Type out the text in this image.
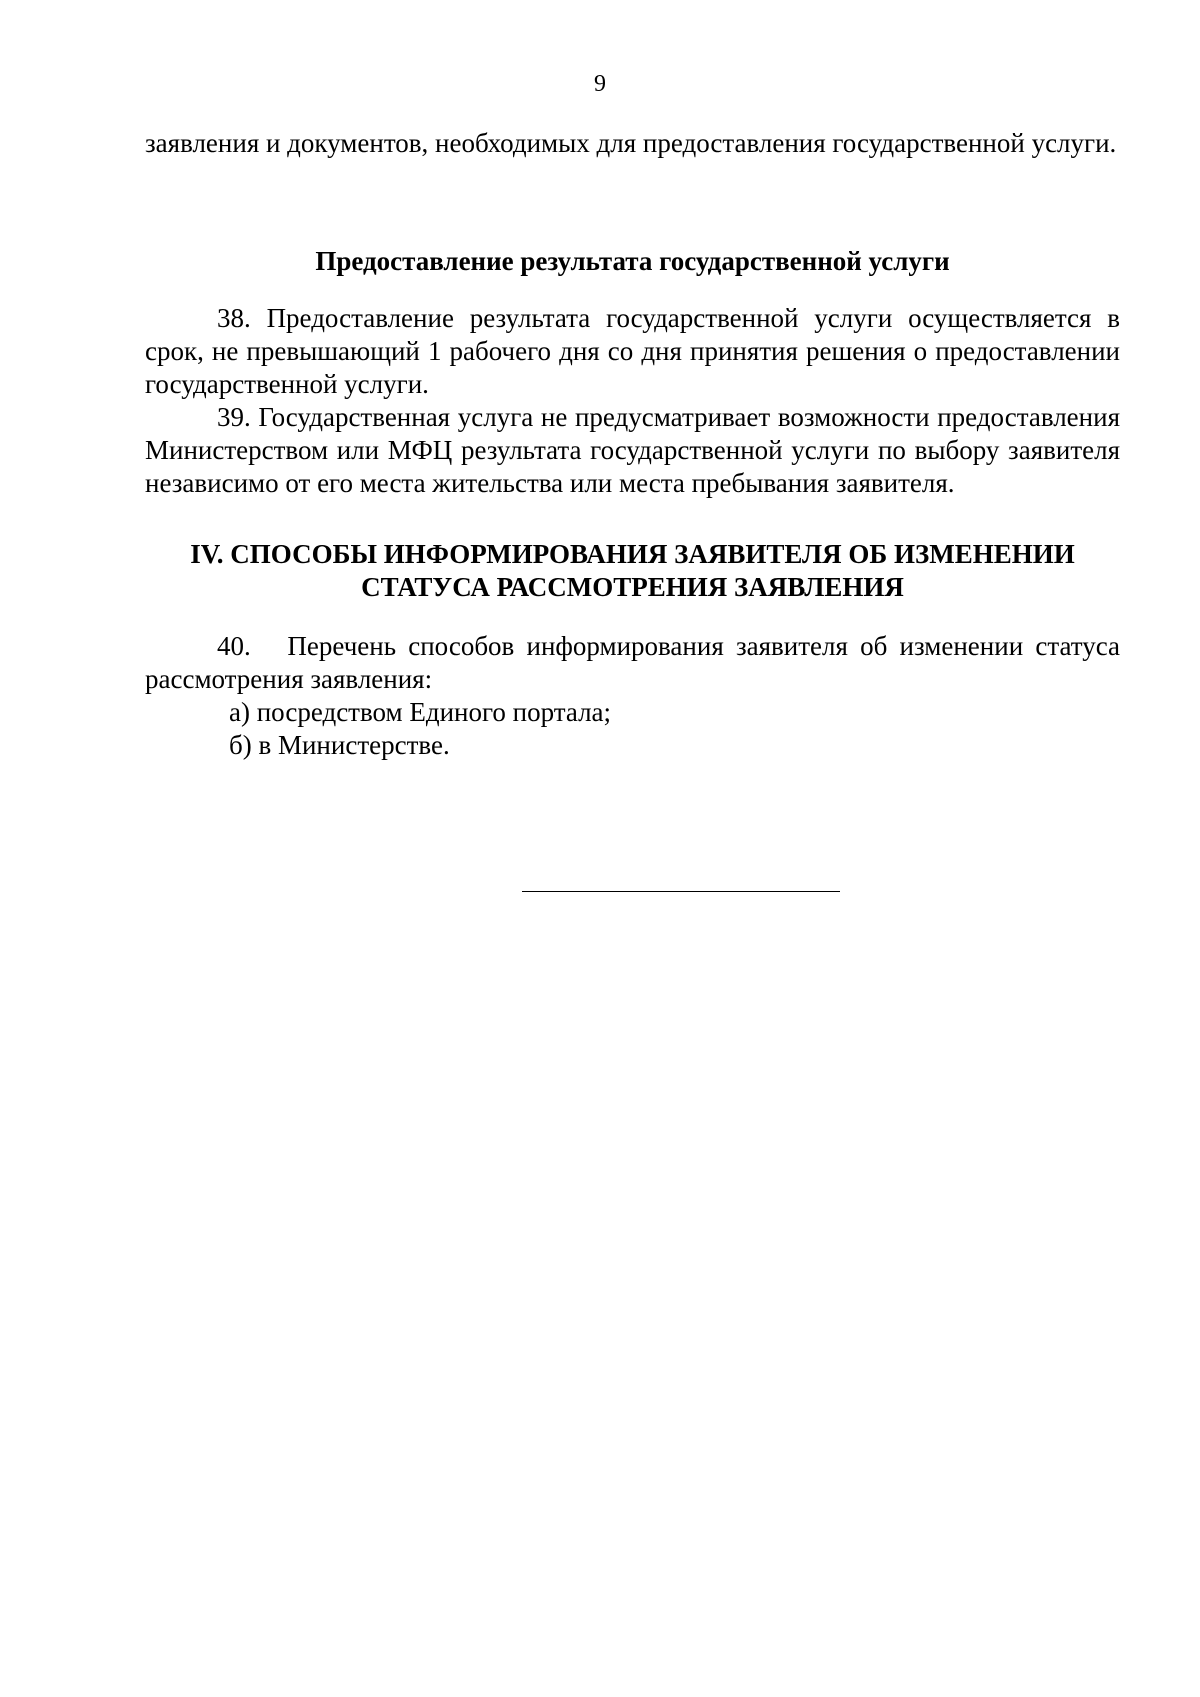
9

заявления и документов, необходимых для предоставления государственной услуги.

Предоставление результата государственной услуги

38. Предоставление результата государственной услуги осуществляется в срок, не превышающий 1 рабочего дня со дня принятия решения о предоставлении государственной услуги.

39. Государственная услуга не предусматривает возможности предоставления Министерством или МФЦ результата государственной услуги по выбору заявителя независимо от его места жительства или места пребывания заявителя.

IV. СПОСОБЫ ИНФОРМИРОВАНИЯ ЗАЯВИТЕЛЯ ОБ ИЗМЕНЕНИИ
СТАТУСА РАССМОТРЕНИЯ ЗАЯВЛЕНИЯ

40.   Перечень способов информирования заявителя об изменении статуса рассмотрения заявления:

а) посредством Единого портала;

б) в Министерстве.
